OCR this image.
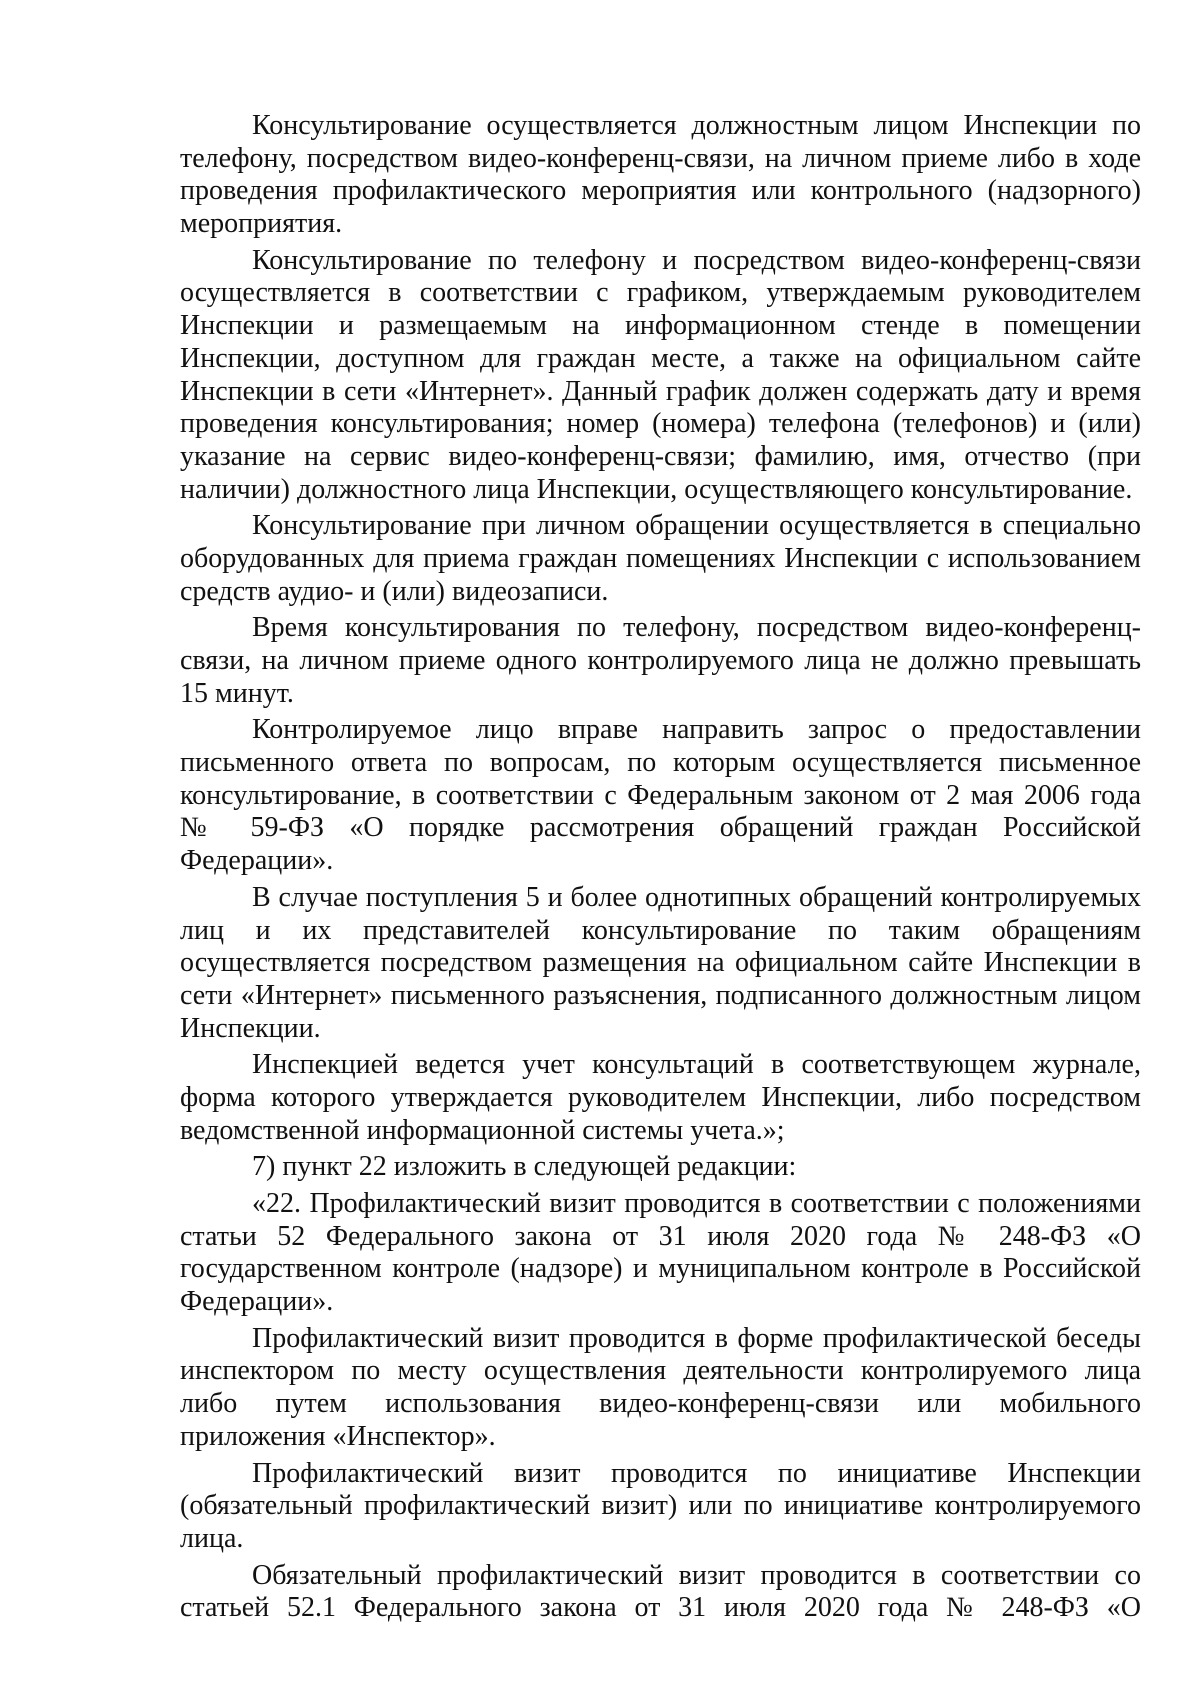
Консультирование осуществляется должностным лицом Инспекции по
телефону, посредством видео-конференц-связи, на личном приеме либо в ходе
проведения профилактического мероприятия или контрольного (надзорного)
мероприятия.
Консультирование по телефону и посредством видео-конференц-связи
осуществляется в соответствии с графиком, утверждаемым руководителем
Инспекции и размещаемым на информационном стенде в помещении
Инспекции, доступном для граждан месте, а также на официальном сайте
Инспекции в сети «Интернет». Данный график должен содержать дату и время
проведения консультирования; номер (номера) телефона (телефонов) и (или)
указание на сервис видео-конференц-связи; фамилию, имя, отчество (при
наличии) должностного лица Инспекции, осуществляющего консультирование.
Консультирование при личном обращении осуществляется в специально
оборудованных для приема граждан помещениях Инспекции с использованием
средств аудио- и (или) видеозаписи.
Время консультирования по телефону, посредством видео-конференц-
связи, на личном приеме одного контролируемого лица не должно превышать
15 минут.
Контролируемое лицо вправе направить запрос о предоставлении
письменного ответа по вопросам, по которым осуществляется письменное
консультирование, в соответствии с Федеральным законом от 2 мая 2006 года
№ 59-ФЗ «О порядке рассмотрения обращений граждан Российской
Федерации».
В случае поступления 5 и более однотипных обращений контролируемых
лиц и их представителей консультирование по таким обращениям
осуществляется посредством размещения на официальном сайте Инспекции в
сети «Интернет» письменного разъяснения, подписанного должностным лицом
Инспекции.
Инспекцией ведется учет консультаций в соответствующем журнале,
форма которого утверждается руководителем Инспекции, либо посредством
ведомственной информационной системы учета.»;
7) пункт 22 изложить в следующей редакции:
«22. Профилактический визит проводится в соответствии с положениями
статьи 52 Федерального закона от 31 июля 2020 года № 248-ФЗ «О
государственном контроле (надзоре) и муниципальном контроле в Российской
Федерации».
Профилактический визит проводится в форме профилактической беседы
инспектором по месту осуществления деятельности контролируемого лица
либо путем использования видео-конференц-связи или мобильного
приложения «Инспектор».
Профилактический визит проводится по инициативе Инспекции
(обязательный профилактический визит) или по инициативе контролируемого
лица.
Обязательный профилактический визит проводится в соответствии со
статьей 52.1 Федерального закона от 31 июля 2020 года № 248-ФЗ «О
